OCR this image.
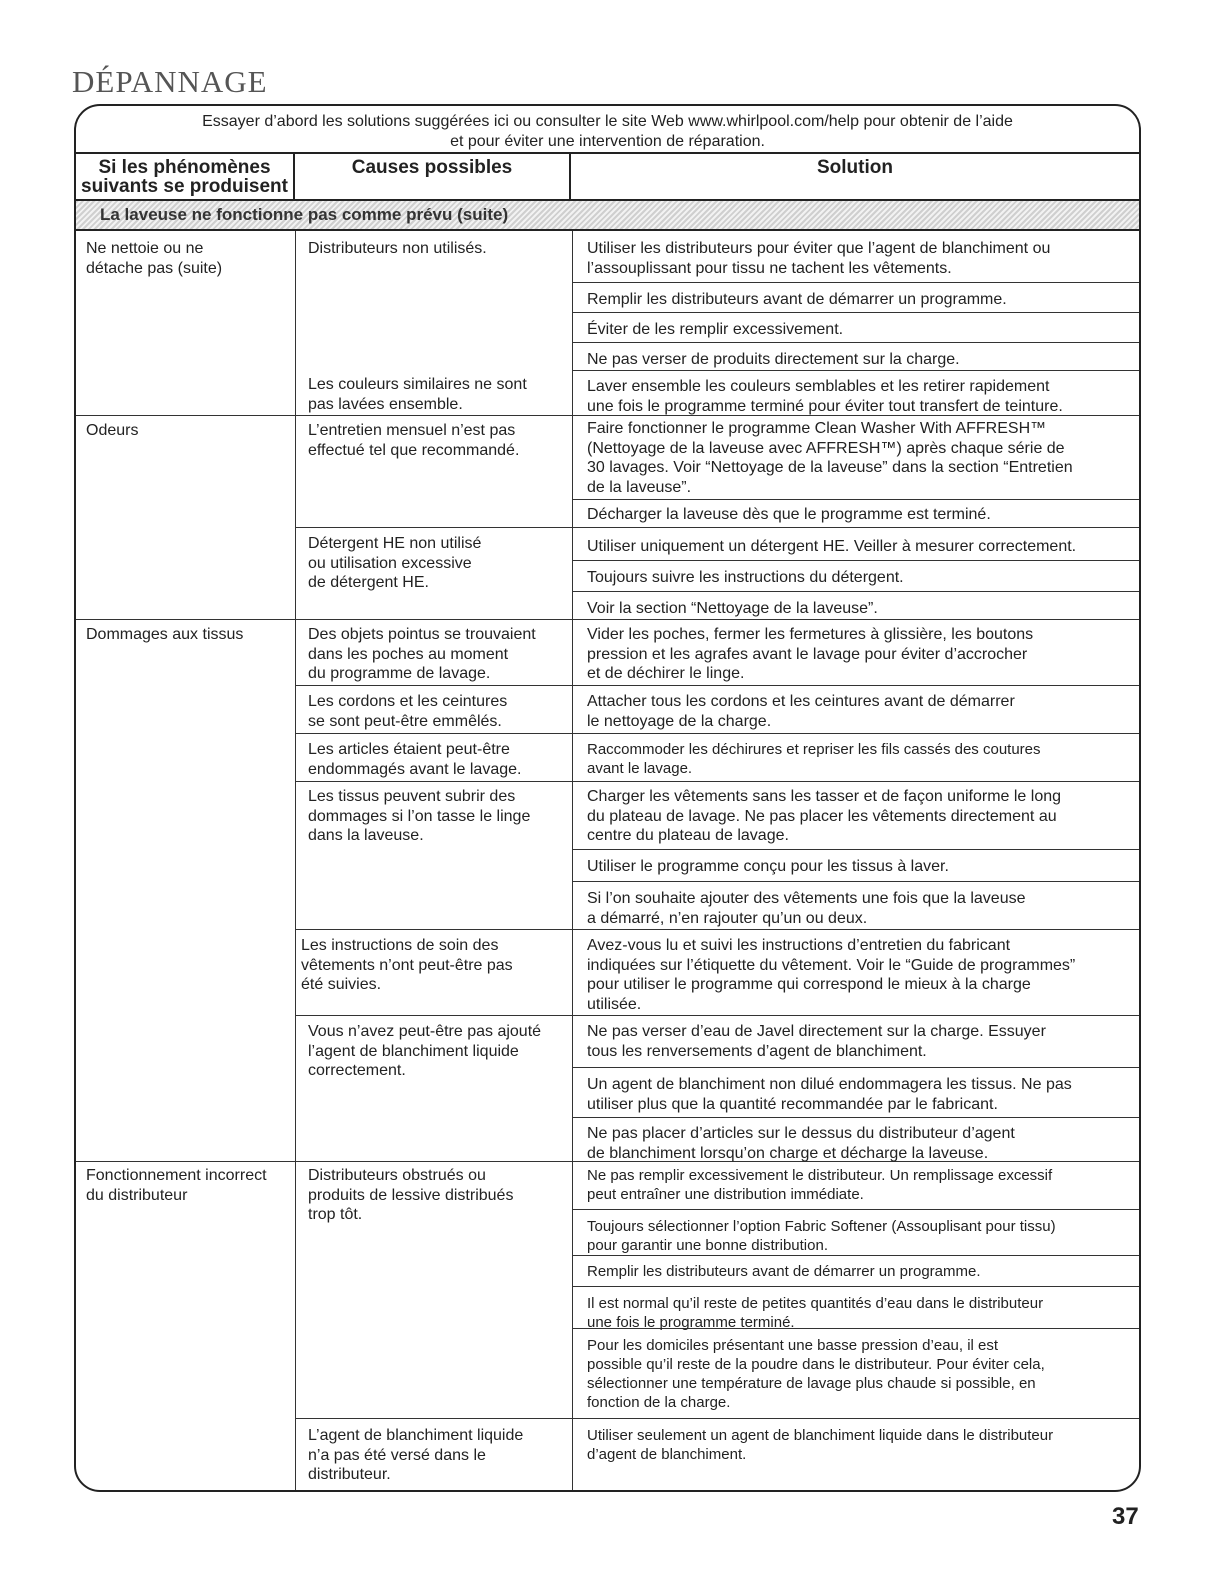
DÉPANNAGE
Essayer d’abord les solutions suggérées ici ou consulter le site Web www.whirlpool.com/help pour obtenir de l’aide
et pour éviter une intervention de réparation.
Si les phénomènes
suivants se produisent
Causes possibles	Solution
La laveuse ne fonctionne pas comme prévu (suite)
Ne nettoie ou ne
détache pas (suite)
Odeurs
Dommages aux tissus
Fonctionnement incorrect
du distributeur
Distributeurs non utilisés.
Les couleurs similaires ne sont
pas lavées ensemble.
L’entretien mensuel n’est pas
effectué tel que recommandé.
Détergent HE non utilisé
ou utilisation excessive
de détergent HE.
Des objets pointus se trouvaient
dans les poches au moment
du programme de lavage.
Les cordons et les ceintures
se sont peut-être emmêlés.
Les articles étaient peut-être
endommagés avant le lavage.
Les tissus peuvent subrir des
dommages si l’on tasse le linge
dans la laveuse.
Les instructions de soin des
vêtements n’ont peut-être pas
été suivies.
Vous n’avez peut-être pas ajouté
l’agent de blanchiment liquide
correctement.
Distributeurs obstrués ou
produits de lessive distribués
trop tôt.
L’agent de blanchiment liquide
n’a pas été versé dans le
distributeur.
Utiliser les distributeurs pour éviter que l’agent de blanchiment ou
l’assouplissant pour tissu ne tachent les vêtements.
Remplir les distributeurs avant de démarrer un programme.
Éviter de les remplir excessivement.
Ne pas verser de produits directement sur la charge.
Laver ensemble les couleurs semblables et les retirer rapidement
une fois le programme terminé pour éviter tout transfert de teinture.
Faire fonctionner le programme Clean Washer With AFFRESH™
(Nettoyage de la laveuse avec AFFRESH™) après chaque série de
30 lavages. Voir “Nettoyage de la laveuse” dans la section “Entretien
de la laveuse”.
Décharger la laveuse dès que le programme est terminé.
Utiliser uniquement un détergent HE. Veiller à mesurer correctement.
Toujours suivre les instructions du détergent.
Voir la section “Nettoyage de la laveuse”.
Vider les poches, fermer les fermetures à glissière, les boutons
pression et les agrafes avant le lavage pour éviter d’accrocher
et de déchirer le linge.
Attacher tous les cordons et les ceintures avant de démarrer
le nettoyage de la charge.
Raccommoder les déchirures et repriser les fils cassés des coutures
avant le lavage.
Charger les vêtements sans les tasser et de façon uniforme le long
du plateau de lavage. Ne pas placer les vêtements directement au
centre du plateau de lavage.
Utiliser le programme conçu pour les tissus à laver.
Si l’on souhaite ajouter des vêtements une fois que la laveuse
a démarré, n’en rajouter qu’un ou deux.
Avez-vous lu et suivi les instructions d’entretien du fabricant
indiquées sur l’étiquette du vêtement. Voir le “Guide de programmes”
pour utiliser le programme qui correspond le mieux à la charge
utilisée.
Ne pas verser d’eau de Javel directement sur la charge. Essuyer
tous les renversements d’agent de blanchiment.
Un agent de blanchiment non dilué endommagera les tissus. Ne pas
utiliser plus que la quantité recommandée par le fabricant.
Ne pas placer d’articles sur le dessus du distributeur d’agent
de blanchiment lorsqu’on charge et décharge la laveuse.
Ne pas remplir excessivement le distributeur. Un remplissage excessif
peut entraîner une distribution immédiate.
Toujours sélectionner l’option Fabric Softener (Assouplisant pour tissu)
pour garantir une bonne distribution.
Remplir les distributeurs avant de démarrer un programme.
Il est normal qu’il reste de petites quantités d’eau dans le distributeur
une fois le programme terminé.
Pour les domiciles présentant une basse pression d’eau, il est
possible qu’il reste de la poudre dans le distributeur. Pour éviter cela,
sélectionner une température de lavage plus chaude si possible, en
fonction de la charge.
Utiliser seulement un agent de blanchiment liquide dans le distributeur
d’agent de blanchiment.

37
